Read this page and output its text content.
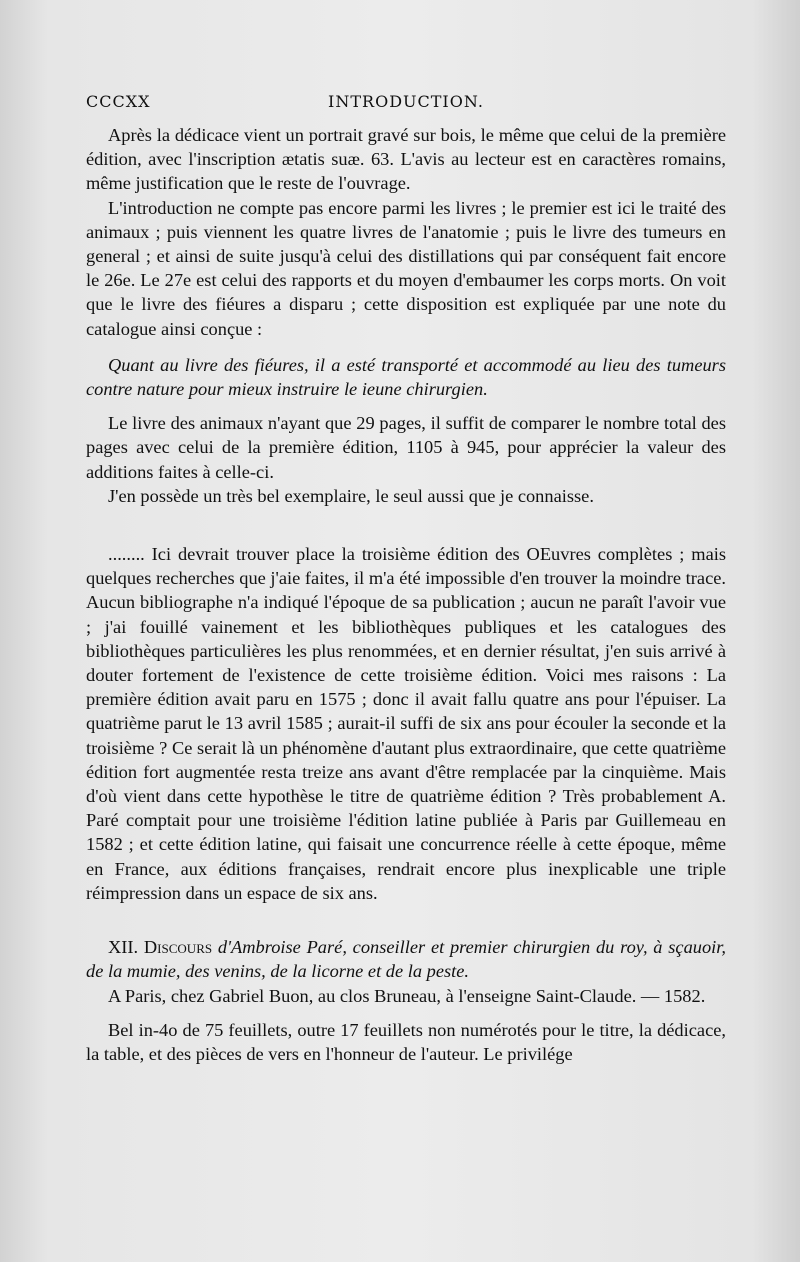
CCCXX	INTRODUCTION.

Après la dédicace vient un portrait gravé sur bois, le même que celui de la première édition, avec l'inscription ætatis suæ. 63. L'avis au lecteur est en caractères romains, même justification que le reste de l'ouvrage.

L'introduction ne compte pas encore parmi les livres ; le premier est ici le traité des animaux ; puis viennent les quatre livres de l'anatomie ; puis le livre des tumeurs en general ; et ainsi de suite jusqu'à celui des distillations qui par conséquent fait encore le 26e. Le 27e est celui des rapports et du moyen d'embaumer les corps morts. On voit que le livre des fiéures a disparu ; cette disposition est expliquée par une note du catalogue ainsi conçue :

Quant au livre des fiéures, il a esté transporté et accommodé au lieu des tumeurs contre nature pour mieux instruire le ieune chirurgien.

Le livre des animaux n'ayant que 29 pages, il suffit de comparer le nombre total des pages avec celui de la première édition, 1105 à 945, pour apprécier la valeur des additions faites à celle-ci.

J'en possède un très bel exemplaire, le seul aussi que je connaisse.

........ Ici devrait trouver place la troisième édition des OEuvres complètes ; mais quelques recherches que j'aie faites, il m'a été impossible d'en trouver la moindre trace. Aucun bibliographe n'a indiqué l'époque de sa publication ; aucun ne paraît l'avoir vue ; j'ai fouillé vainement et les bibliothèques publiques et les catalogues des bibliothèques particulières les plus renommées, et en dernier résultat, j'en suis arrivé à douter fortement de l'existence de cette troisième édition. Voici mes raisons : La première édition avait paru en 1575 ; donc il avait fallu quatre ans pour l'épuiser. La quatrième parut le 13 avril 1585 ; aurait-il suffi de six ans pour écouler la seconde et la troisième ? Ce serait là un phénomène d'autant plus extraordinaire, que cette quatrième édition fort augmentée resta treize ans avant d'être remplacée par la cinquième. Mais d'où vient dans cette hypothèse le titre de quatrième édition ? Très probablement A. Paré comptait pour une troisième l'édition latine publiée à Paris par Guillemeau en 1582 ; et cette édition latine, qui faisait une concurrence réelle à cette époque, même en France, aux éditions françaises, rendrait encore plus inexplicable une triple réimpression dans un espace de six ans.

XII. Discours d'Ambroise Paré, conseiller et premier chirurgien du roy, à sçauoir, de la mumie, des venins, de la licorne et de la peste.

A Paris, chez Gabriel Buon, au clos Bruneau, à l'enseigne Saint-Claude. — 1582.

Bel in-4o de 75 feuillets, outre 17 feuillets non numérotés pour le titre, la dédicace, la table, et des pièces de vers en l'honneur de l'auteur. Le privilége
